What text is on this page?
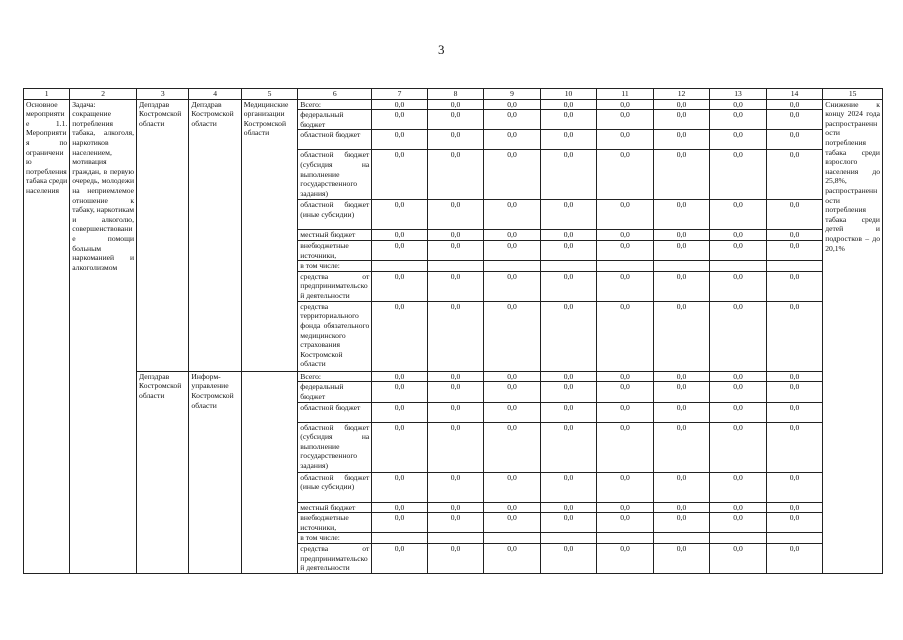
3
1	2	3	4	5	6	7	8	9	10	11	12	13	14	15
Основное мероприятие 1.1. Мероприятия по ограничению потребления табака среди населения	Задача: сокращение потребления табака, алкоголя, наркотиков населением, мотивация граждан, в первую очередь, молодежи на неприемлемое отношение к табаку, наркотикам и алкоголю, совершенствование помощи больным наркоманией и алкоголизмом	Депздрав Костромской области	Депздрав Костромской области	Медицинские организации Костромской области	Всего:	0,0	0,0	0,0	0,0	0,0	0,0	0,0	0,0	Снижение к концу 2024 года распространенности потребления табака среди взрослого населения до 25,8%, распространенности потребления табака среди детей и подростков – до 20,1%
					федеральный бюджет	0,0	0,0	0,0	0,0	0,0	0,0	0,0	0,0	
					областной бюджет	0,0	0,0	0,0	0,0	0,0	0,0	0,0	0,0	
					областной бюджет (субсидия на выполнение государственного задания)	0,0	0,0	0,0	0,0	0,0	0,0	0,0	0,0	
					областной бюджет (иные субсидии)	0,0	0,0	0,0	0,0	0,0	0,0	0,0	0,0	
					местный бюджет	0,0	0,0	0,0	0,0	0,0	0,0	0,0	0,0	
					внебюджетные источники,	0,0	0,0	0,0	0,0	0,0	0,0	0,0	0,0	
					в том числе:									
					средства от предпринимательской деятельности	0,0	0,0	0,0	0,0	0,0	0,0	0,0	0,0	
					средства территориального фонда обязательного медицинского страхования Костромской области	0,0	0,0	0,0	0,0	0,0	0,0	0,0	0,0	
		Депздрав Костромской области	Информ-управление Костромской области		Всего:	0,0	0,0	0,0	0,0	0,0	0,0	0,0	0,0	
					федеральный бюджет	0,0	0,0	0,0	0,0	0,0	0,0	0,0	0,0	
					областной бюджет	0,0	0,0	0,0	0,0	0,0	0,0	0,0	0,0	
					областной бюджет (субсидия на выполнение государственного задания)	0,0	0,0	0,0	0,0	0,0	0,0	0,0	0,0	
					областной бюджет (иные субсидии)	0,0	0,0	0,0	0,0	0,0	0,0	0,0	0,0	
					местный бюджет	0,0	0,0	0,0	0,0	0,0	0,0	0,0	0,0	
					внебюджетные источники,	0,0	0,0	0,0	0,0	0,0	0,0	0,0	0,0	
					в том числе:									
					средства от предпринимательской деятельности	0,0	0,0	0,0	0,0	0,0	0,0	0,0	0,0	
